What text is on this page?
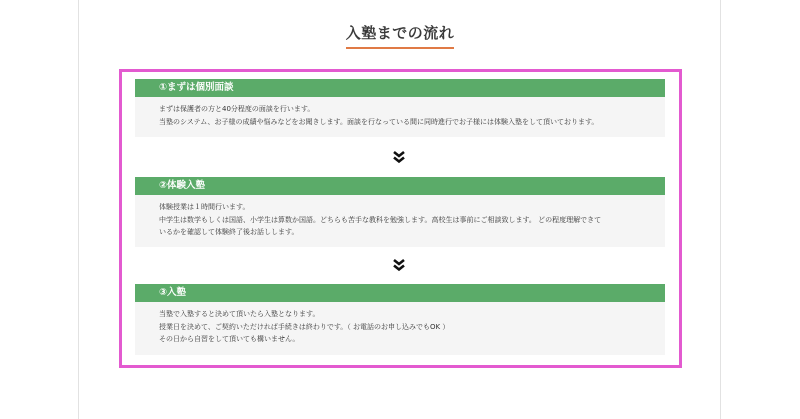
入塾までの流れ
①まずは個別面談

まずは保護者の方と40分程度の面談を行います。

当塾のシステム、お子様の成績や悩みなどをお聞きします。面談を行なっている間に同時進行でお子様には体験入塾をして頂いております。

②体験入塾

体験授業は１時間行います。

中学生は数学もしくは国語、小学生は算数か国語。どちらも苦手な教科を勉強します。高校生は事前にご相談致します。 どの程度理解できて

いるかを確認して体験終了後お話しします。

③入塾

当塾で入塾すると決めて頂いたら入塾となります。

授業日を決めて、ご契約いただければ手続きは終わりです。（ お電話のお申し込みでもOK ）

その日から自習をして頂いても構いません。
